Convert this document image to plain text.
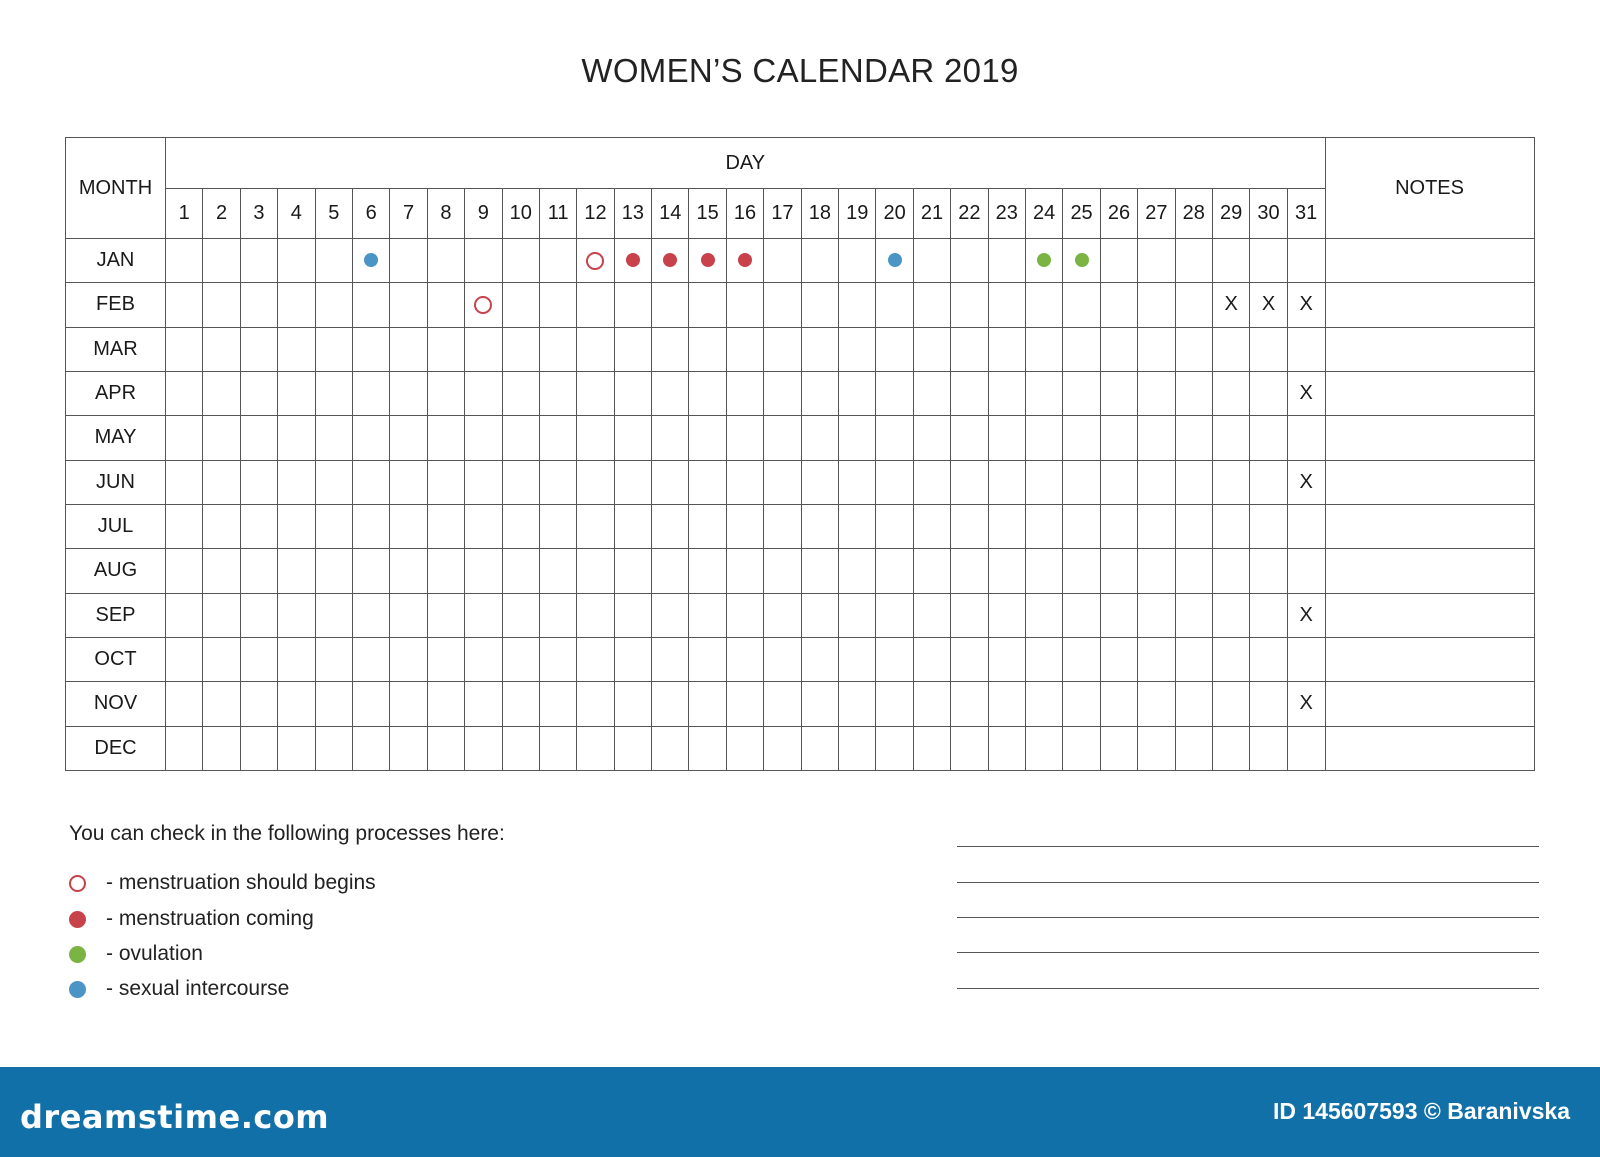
WOMEN’S CALENDAR 2019
MONTH	DAY																															NOTES
	1	2	3	4	5	6	7	8	9	10	11	12	13	14	15	16	17	18	19	20	21	22	23	24	25	26	27	28	29	30	31	
JAN																																
FEB																													X	X	X	
MAR																																
APR																															X	
MAY																																
JUN																															X	
JUL																																
AUG																																
SEP																															X	
OCT																																
NOV																															X	
DEC																																
You can check in the following processes here:
- menstruation should begins
- menstruation coming
- ovulation
- sexual intercourse
dreamstime.com	ID 145607593 © Baranivska
